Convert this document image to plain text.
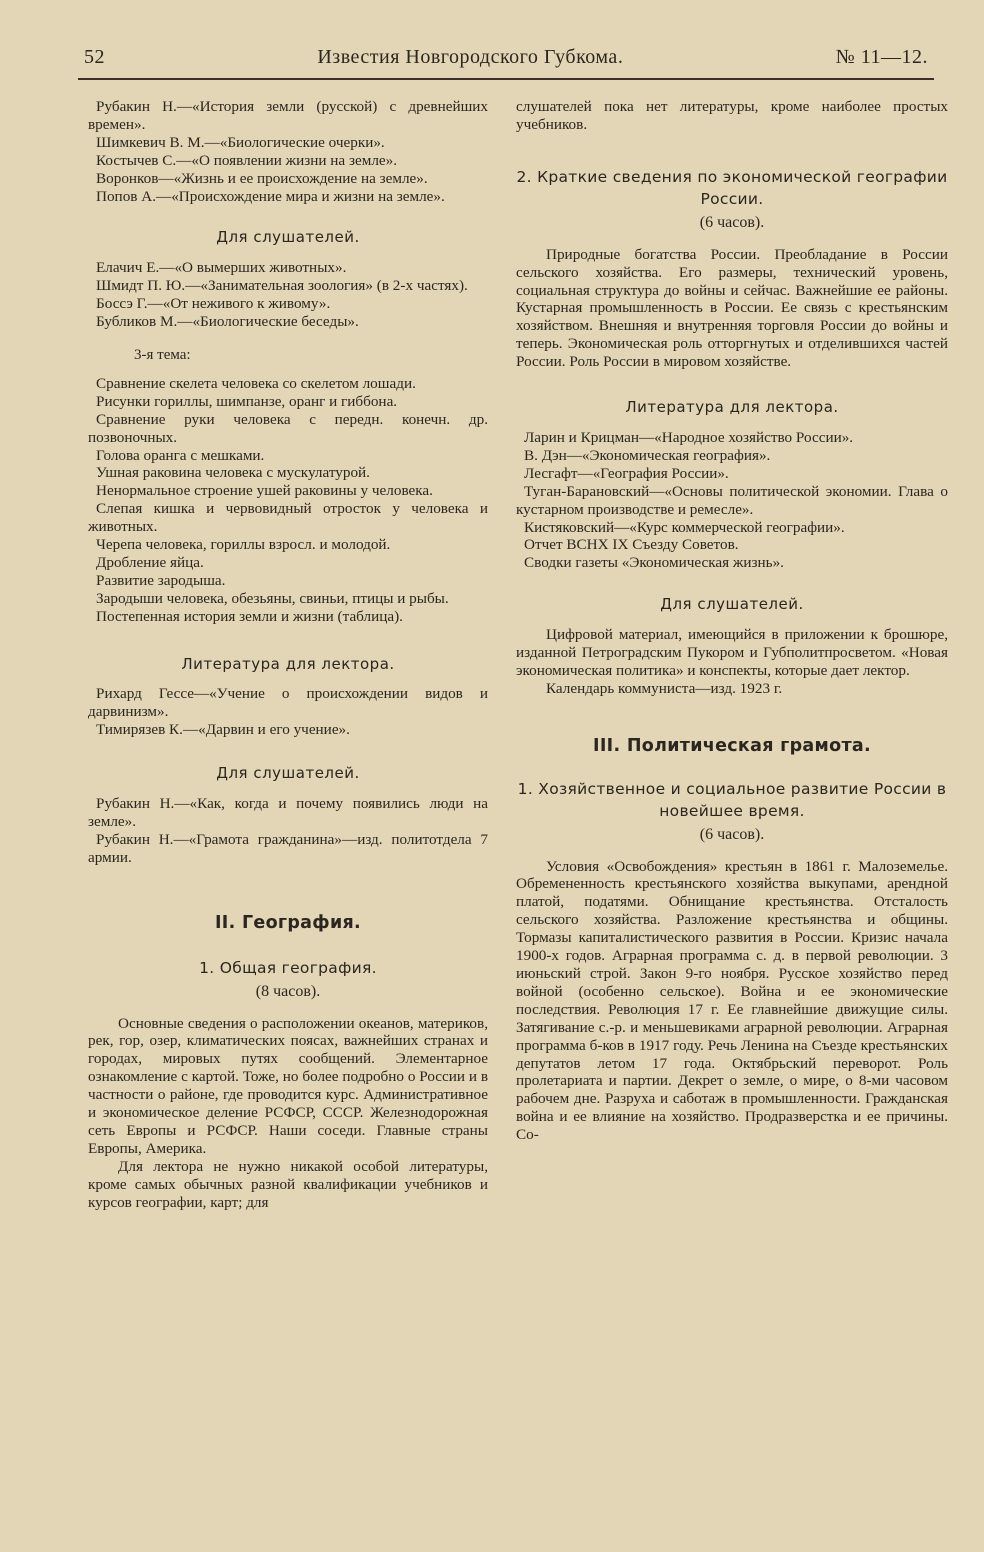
52	Известия Новгородского Губкома.	№ 11—12.

Рубакин Н.—«История земли (русской) с древнейших времен».

Шимкевич В. М.—«Биологические очерки».

Костычев С.—«О появлении жизни на земле».

Воронков—«Жизнь и ее происхождение на земле».

Попов А.—«Происхождение мира и жизни на земле».

Для слушателей.

Елачич Е.—«О вымерших животных».

Шмидт П. Ю.—«Занимательная зоология» (в 2-х частях).

Боссэ Г.—«От неживого к живому».

Бубликов М.—«Биологические беседы».

3-я тема:

Сравнение скелета человека со скелетом лошади.

Рисунки гориллы, шимпанзе, оранг и гиббона.

Сравнение руки человека с передн. конечн. др. позвоночных.

Голова оранга с мешками.

Ушная раковина человека с мускулатурой.

Ненормальное строение ушей раковины у человека.

Слепая кишка и червовидный отросток у человека и животных.

Черепа человека, гориллы взросл. и молодой.

Дробление яйца.

Развитие зародыша.

Зародыши человека, обезьяны, свиньи, птицы и рыбы.

Постепенная история земли и жизни (таблица).

Литература для лектора.

Рихард Гессе—«Учение о происхождении видов и дарвинизм».

Тимирязев К.—«Дарвин и его учение».

Для слушателей.

Рубакин Н.—«Как, когда и почему появились люди на земле».

Рубакин Н.—«Грамота гражданина»—изд. политотдела 7 армии.

II. География.
1. Общая география.
(8 часов).

Основные сведения о расположении океанов, материков, рек, гор, озер, климатических поясах, важнейших странах и городах, мировых путях сообщений. Элементарное ознакомление с картой. Тоже, но более подробно о России и в частности о районе, где проводится курс. Административное и экономическое деление РСФСР, СССР. Железнодорожная сеть Европы и РСФСР. Наши соседи. Главные страны Европы, Америка.

Для лектора не нужно никакой особой литературы, кроме самых обычных разной квалификации учебников и курсов географии, карт; для

слушателей пока нет литературы, кроме наиболее простых учебников.

2. Краткие сведения по экономической географии России.
(6 часов).

Природные богатства России. Преобладание в России сельского хозяйства. Его размеры, технический уровень, социальная структура до войны и сейчас. Важнейшие ее районы. Кустарная промышленность в России. Ее связь с крестьянским хозяйством. Внешняя и внутренняя торговля России до войны и теперь. Экономическая роль отторгнутых и отделившихся частей России. Роль России в мировом хозяйстве.

Литература для лектора.

Ларин и Крицман—«Народное хозяйство России».

В. Дэн—«Экономическая география».

Лесгафт—«География России».

Туган-Барановский—«Основы политической экономии. Глава о кустарном производстве и ремесле».

Кистяковский—«Курс коммерческой географии».

Отчет ВСНХ IX Съезду Советов.

Сводки газеты «Экономическая жизнь».

Для слушателей.

Цифровой материал, имеющийся в приложении к брошюре, изданной Петроградским Пукором и Губполитпросветом. «Новая экономическая политика» и конспекты, которые дает лектор.

Календарь коммуниста—изд. 1923 г.

III. Политическая грамота.
1. Хозяйственное и социальное развитие России в новейшее время.
(6 часов).

Условия «Освобождения» крестьян в 1861 г. Малоземелье. Обремененность крестьянского хозяйства выкупами, арендной платой, податями. Обнищание крестьянства. Отсталость сельского хозяйства. Разложение крестьянства и общины. Тормазы капиталистического развития в России. Кризис начала 1900-х годов. Аграрная программа с. д. в первой революции. 3 июньский строй. Закон 9-го ноября. Русское хозяйство перед войной (особенно сельское). Война и ее экономические последствия. Революция 17 г. Ее главнейшие движущие силы. Затягивание с.-р. и меньшевиками аграрной революции. Аграрная программа б-ков в 1917 году. Речь Ленина на Съезде крестьянских депутатов летом 17 года. Октябрьский переворот. Роль пролетариата и партии. Декрет о земле, о мире, о 8-ми часовом рабочем дне. Разруха и саботаж в промышленности. Гражданская война и ее влияние на хозяйство. Продразверстка и ее причины. Со-
